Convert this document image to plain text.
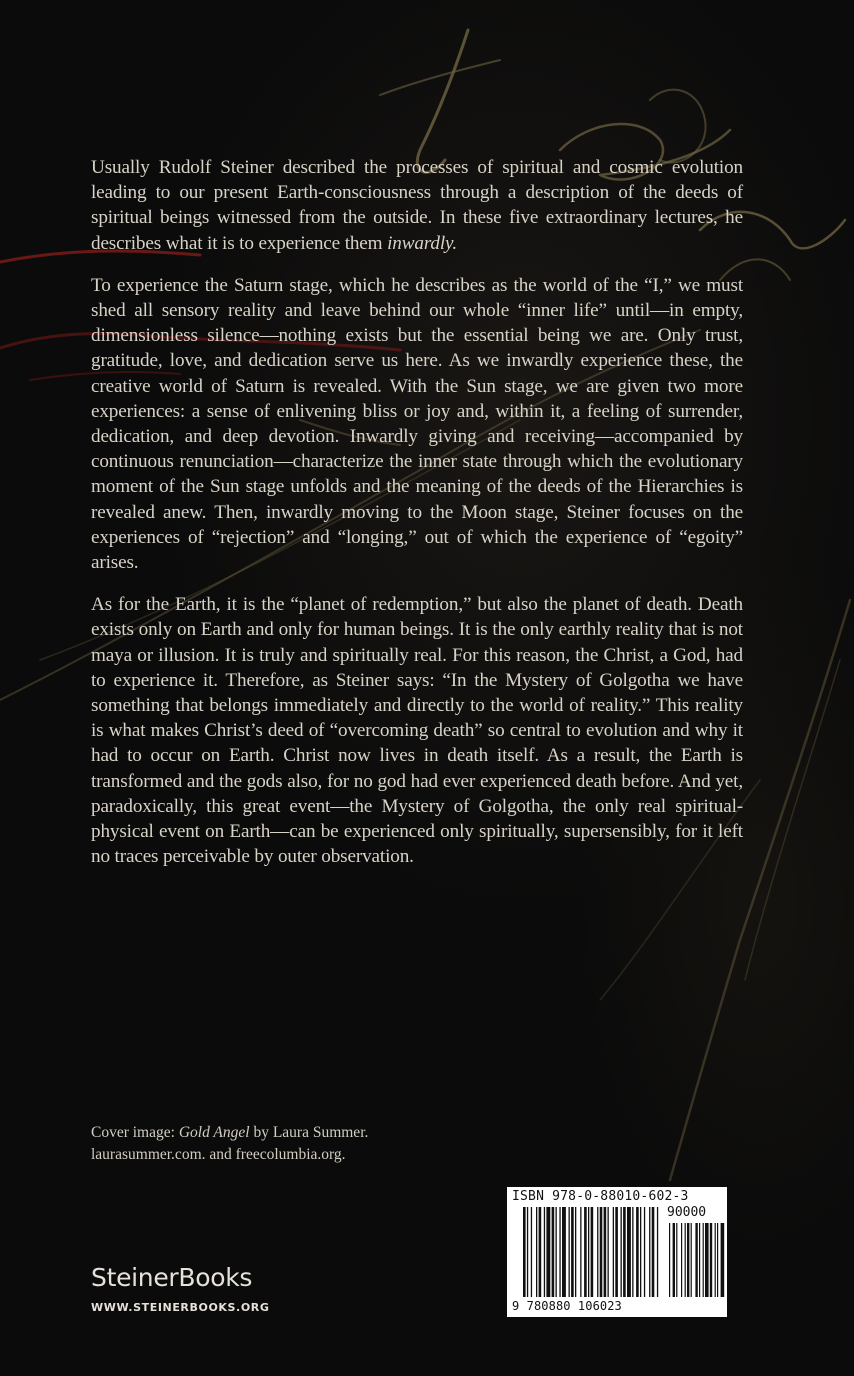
Usually Rudolf Steiner described the processes of spiritual and cosmic evolution leading to our present Earth-consciousness through a description of the deeds of spiritual beings witnessed from the outside. In these five extraordinary lectures, he describes what it is to experience them inwardly.

To experience the Saturn stage, which he describes as the world of the “I,” we must shed all sensory reality and leave behind our whole “inner life” until—in empty, dimensionless silence—nothing exists but the essential being we are. Only trust, gratitude, love, and dedication serve us here. As we inwardly experience these, the creative world of Saturn is revealed. With the Sun stage, we are given two more experiences: a sense of enlivening bliss or joy and, within it, a feeling of surrender, dedication, and deep devotion. Inwardly giving and receiving—accompanied by continuous renunciation—characterize the inner state through which the evolutionary moment of the Sun stage unfolds and the meaning of the deeds of the Hierarchies is revealed anew. Then, inwardly moving to the Moon stage, Steiner focuses on the experiences of “rejection” and “longing,” out of which the experience of “egoity” arises.

As for the Earth, it is the “planet of redemption,” but also the planet of death. Death exists only on Earth and only for human beings. It is the only earthly reality that is not maya or illusion. It is truly and spiritually real. For this reason, the Christ, a God, had to experience it. Therefore, as Steiner says: “In the Mystery of Golgotha we have something that belongs immediately and directly to the world of reality.” This reality is what makes Christ’s deed of “overcoming death” so central to evolution and why it had to occur on Earth. Christ now lives in death itself. As a result, the Earth is transformed and the gods also, for no god had ever experienced death before. And yet, paradoxically, this great event—the Mystery of Golgotha, the only real spiritual-physical event on Earth—can be experienced only spiritually, supersensibly, for it left no traces perceivable by outer observation.

Cover image: Gold Angel by Laura Summer.

laurasummer.com. and freecolumbia.org.

SteinerBooks
WWW.STEINERBOOKS.ORG
ISBN 978-0-88010-602-3
90000
9 780880 106023
